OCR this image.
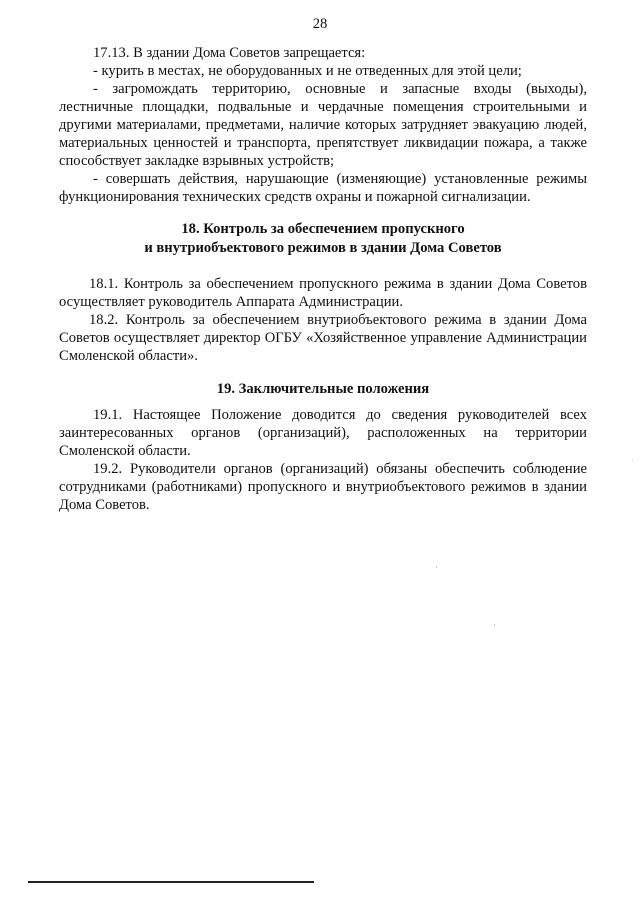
28
17.13. В здании Дома Советов запрещается:
- курить в местах, не оборудованных и не отведенных для этой цели;
- загромождать территорию, основные и запасные входы (выходы),
лестничные площадки, подвальные и чердачные помещения строительными и
другими материалами, предметами, наличие которых затрудняет эвакуацию людей,
материальных ценностей и транспорта, препятствует ликвидации пожара, а также
способствует закладке взрывных устройств;
- совершать действия, нарушающие (изменяющие) установленные режимы
функционирования технических средств охраны и пожарной сигнализации.
18. Контроль за обеспечением пропускного
и внутриобъектового режимов в здании Дома Советов
18.1. Контроль за обеспечением пропускного режима в здании Дома Советов
осуществляет руководитель Аппарата Администрации.
18.2. Контроль за обеспечением внутриобъектового режима в здании Дома
Советов осуществляет директор ОГБУ «Хозяйственное управление Администрации
Смоленской области».
19. Заключительные положения
19.1. Настоящее Положение доводится до сведения руководителей всех
заинтересованных органов (организаций), расположенных на территории
Смоленской области.
19.2. Руководители органов (организаций) обязаны обеспечить соблюдение
сотрудниками (работниками) пропускного и внутриобъектового режимов в здании
Дома Советов.
